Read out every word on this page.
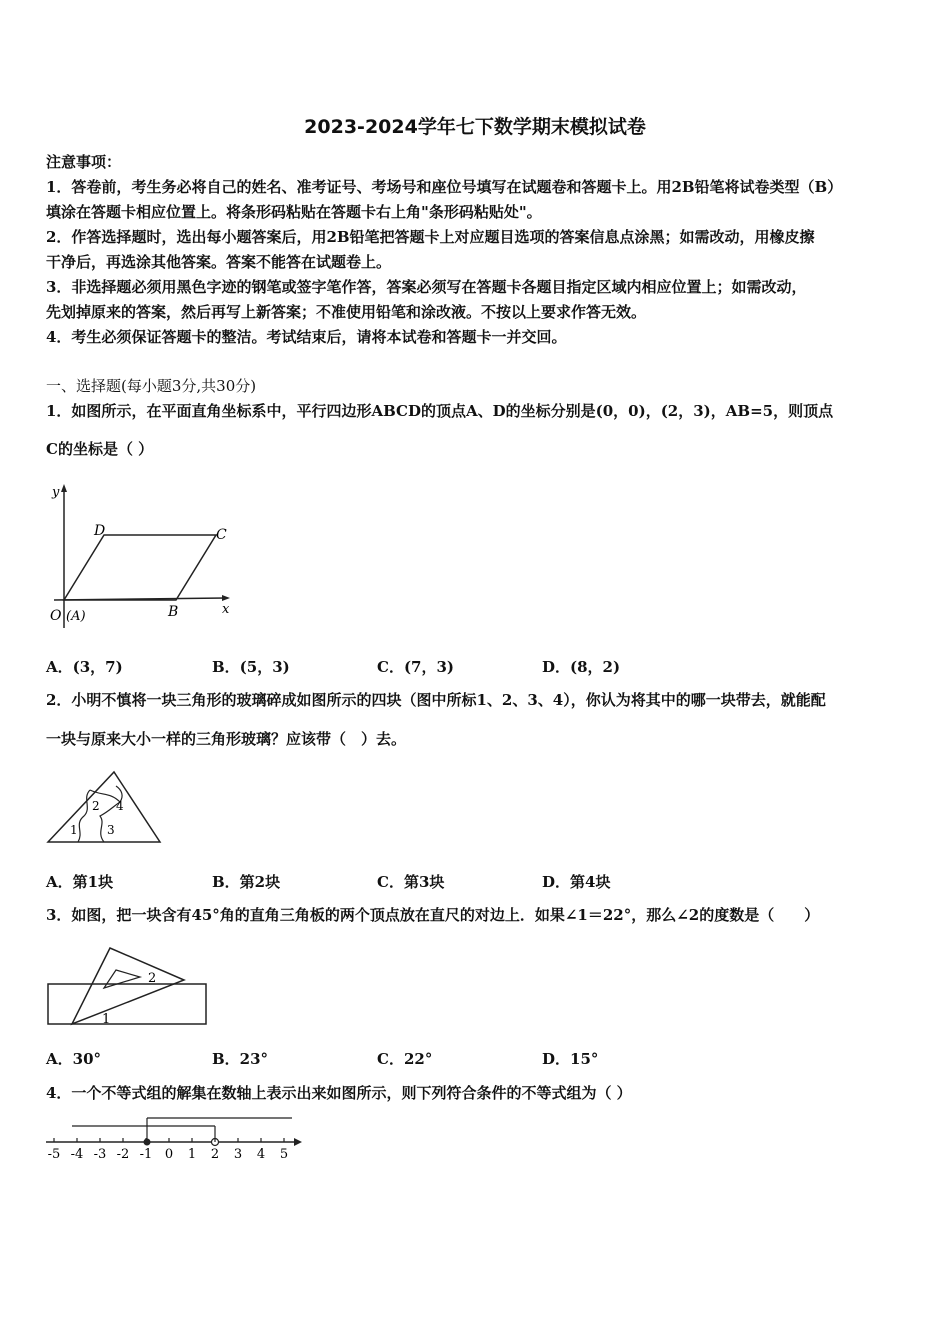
2023-2024学年七下数学期末模拟试卷
注意事项：
1．答卷前，考生务必将自己的姓名、准考证号、考场号和座位号填写在试题卷和答题卡上。用2B铅笔将试卷类型（B）
填涂在答题卡相应位置上。将条形码粘贴在答题卡右上角"条形码粘贴处"。
2．作答选择题时，选出每小题答案后，用2B铅笔把答题卡上对应题目选项的答案信息点涂黑；如需改动，用橡皮擦
干净后，再选涂其他答案。答案不能答在试题卷上。
3．非选择题必须用黑色字迹的钢笔或签字笔作答，答案必须写在答题卡各题目指定区域内相应位置上；如需改动，
先划掉原来的答案，然后再写上新答案；不准使用铅笔和涂改液。不按以上要求作答无效。
4．考生必须保证答题卡的整洁。考试结束后，请将本试卷和答题卡一并交回。
一、选择题(每小题3分,共30分)
1．如图所示，在平面直角坐标系中，平行四边形ABCD的顶点A、D的坐标分别是(0，0)，(2，3)，AB=5，则顶点
C的坐标是（ ）
y
x
D	C
B
O (A)
A．(3，7)	B．(5，3)	C．(7，3)	D．(8，2)
2．小明不慎将一块三角形的玻璃碎成如图所示的四块（图中所标1、2、3、4），你认为将其中的哪一块带去，就能配
一块与原来大小一样的三角形玻璃？应该带（　）去。
1
2
3
4
A．第1块	B．第2块	C．第3块	D．第4块
3．如图，把一块含有45°角的直角三角板的两个顶点放在直尺的对边上．如果∠1＝22°，那么∠2的度数是（　　）
2
1
A．30°	B．23°	C．22°	D．15°
4．一个不等式组的解集在数轴上表示出来如图所示，则下列符合条件的不等式组为（ ）
-5 -4 -3 -2 -1 0 1 2 3 4 5
